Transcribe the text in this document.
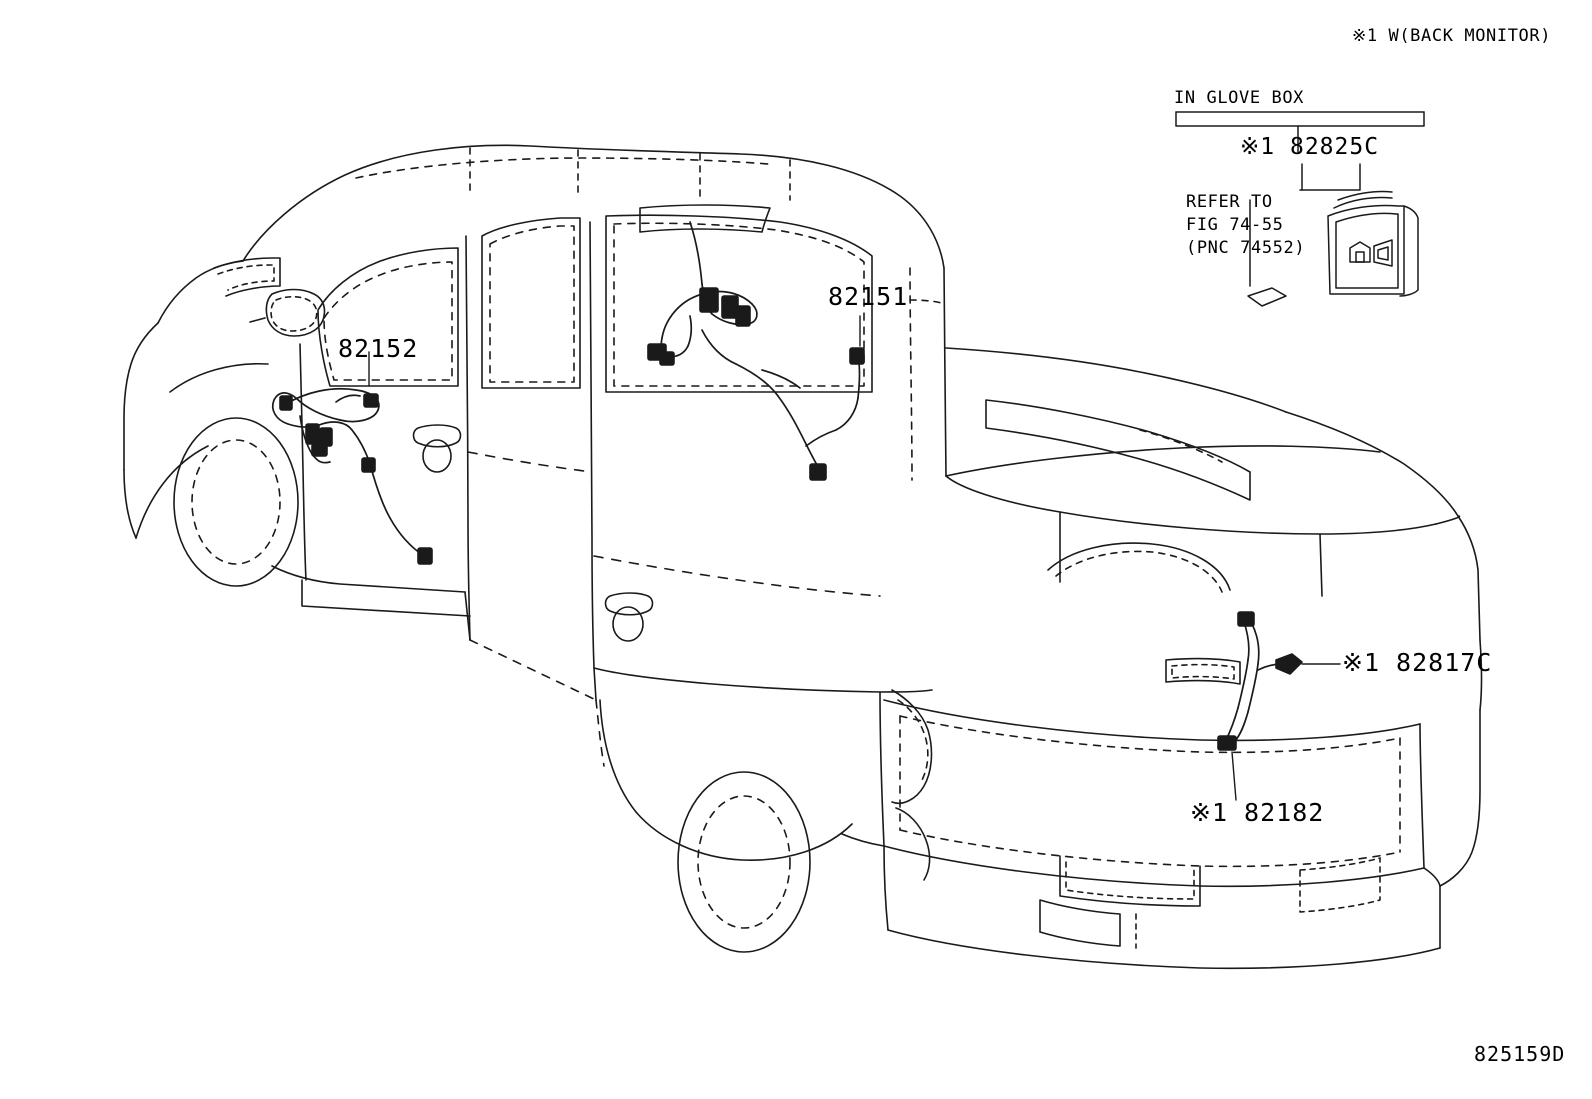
※1 W(BACK MONITOR)
IN GLOVE BOX
※1 82825C
REFER TO
FIG 74-55
(PNC 74552)
82152
82151
※1 82817C
※1 82182
825159D
